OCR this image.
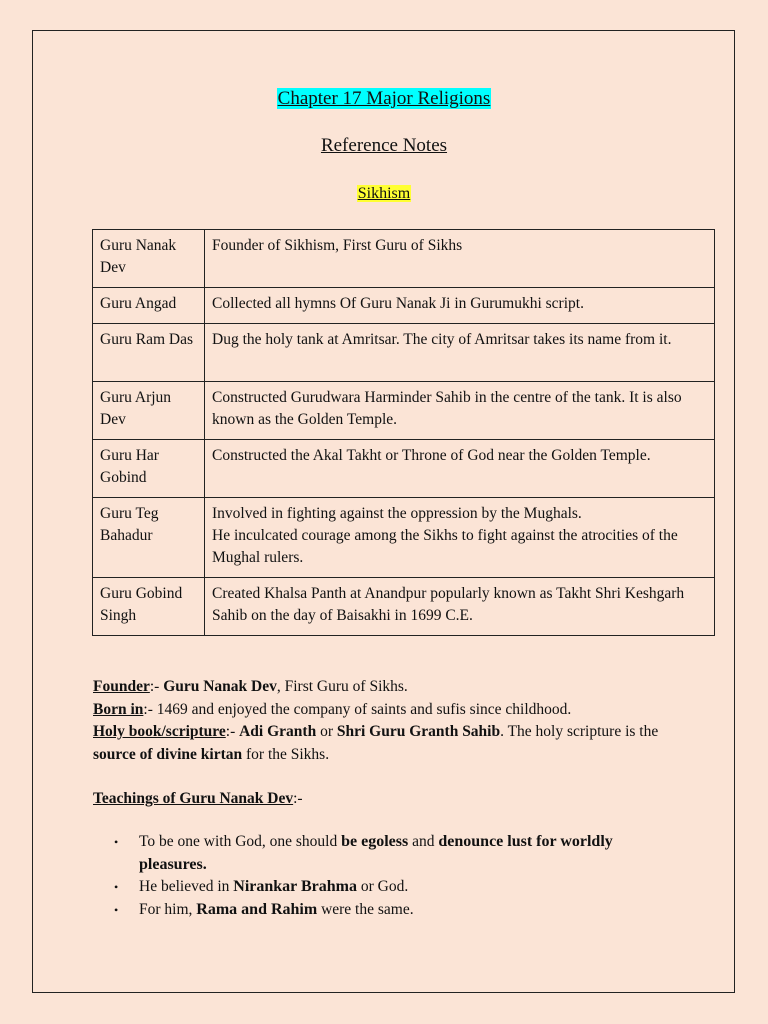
Chapter 17 Major Religions
Reference Notes
Sikhism
Guru Nanak Dev	Founder of Sikhism, First Guru of Sikhs
Guru Angad	Collected all hymns Of Guru Nanak Ji in Gurumukhi script.
Guru Ram Das	Dug the holy tank at Amritsar. The city of Amritsar takes its name from it.
Guru Arjun Dev	Constructed Gurudwara Harminder Sahib in the centre of the tank. It is also known as the Golden Temple.
Guru Har Gobind	Constructed the Akal Takht or Throne of God near the Golden Temple.
Guru Teg Bahadur	Involved in fighting against the oppression by the Mughals.
He inculcated courage among the Sikhs to fight against the atrocities of the Mughal rulers.

Guru Gobind Singh	Created Khalsa Panth at Anandpur popularly known as Takht Shri Keshgarh Sahib on the day of Baisakhi in 1699 C.E.
Founder:- Guru Nanak Dev, First Guru of Sikhs.
Born in:- 1469 and enjoyed the company of saints and sufis since childhood.
Holy book/scripture:- Adi Granth or Shri Guru Granth Sahib. The holy scripture is the source of divine kirtan for the Sikhs.
Teachings of Guru Nanak Dev:-
• To be one with God, one should be egoless and denounce lust for worldly pleasures.
• He believed in Nirankar Brahma or God.
• For him, Rama and Rahim were the same.
